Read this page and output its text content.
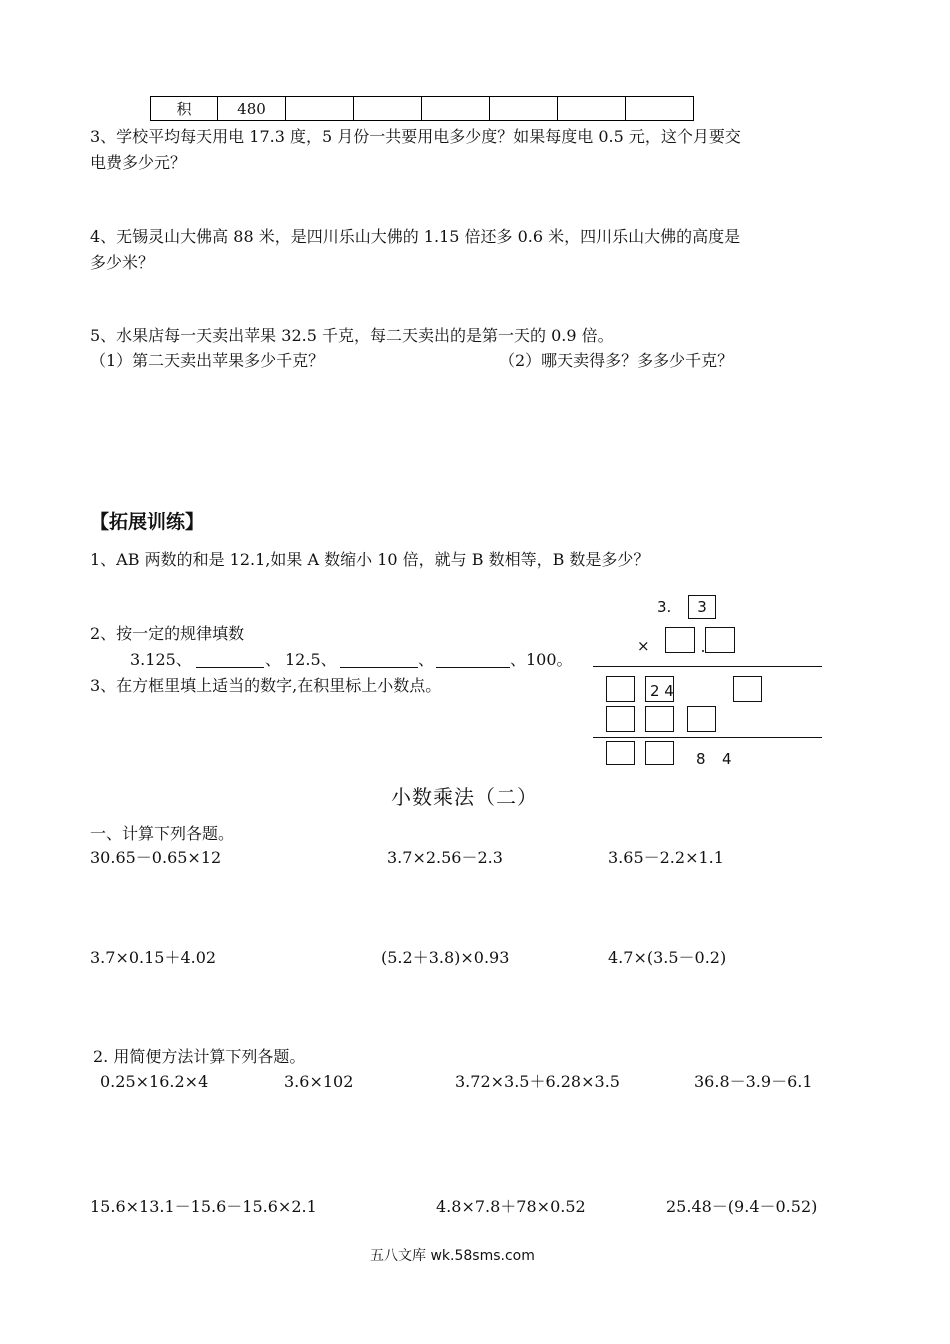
积	480						
3、学校平均每天用电 17.3 度，5 月份一共要用电多少度？如果每度电 0.5 元，这个月要交
电费多少元？
4、无锡灵山大佛高 88 米，是四川乐山大佛的 1.15 倍还多 0.6 米，四川乐山大佛的高度是
多少米？
5、水果店每一天卖出苹果 32.5 千克，每二天卖出的是第一天的 0.9 倍。
（1）第二天卖出苹果多少千克？	（2）哪天卖得多？多多少千克？
【拓展训练】
1、AB 两数的和是 12.1,如果 A 数缩小 10 倍，就与 B 数相等，B 数是多少？
2、按一定的规律填数
3.125、	、 12.5、	、	、100。
3、在方框里填上适当的数字,在积里标上小数点。
3.	3
×
2 4
8 4
小数乘法（二）
一、计算下列各题。
30.65－0.65×12	3.7×2.56－2.3	3.65－2.2×1.1
3.7×0.15＋4.02	(5.2＋3.8)×0.93	4.7×(3.5－0.2)
2. 用简便方法计算下列各题。
0.25×16.2×4	3.6×102	3.72×3.5＋6.28×3.5	36.8－3.9－6.1
15.6×13.1－15.6－15.6×2.1	4.8×7.8＋78×0.52	25.48－(9.4－0.52)
五八文库 wk.58sms.com
